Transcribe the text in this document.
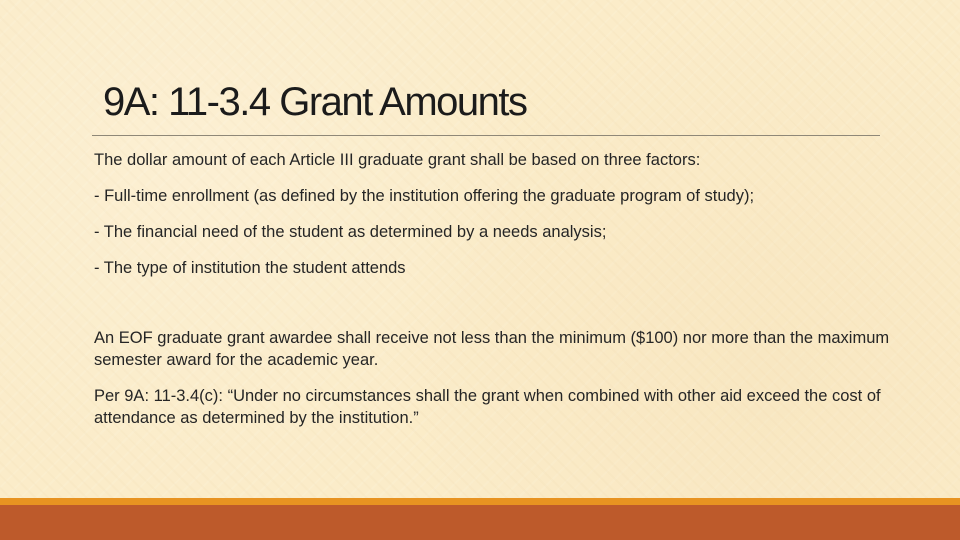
9A: 11-3.4 Grant Amounts

The dollar amount of each Article III graduate grant shall be based on three factors:

- Full-time enrollment (as defined by the institution offering the graduate program of study);

- The financial need of the student as determined by a needs analysis;

- The type of institution the student attends

An EOF graduate grant awardee shall receive not less than the minimum ($100) nor more than the maximum semester award for the academic year.

Per 9A: 11-3.4(c): “Under no circumstances shall the grant when combined with other aid exceed the cost of attendance as determined by the institution.”
